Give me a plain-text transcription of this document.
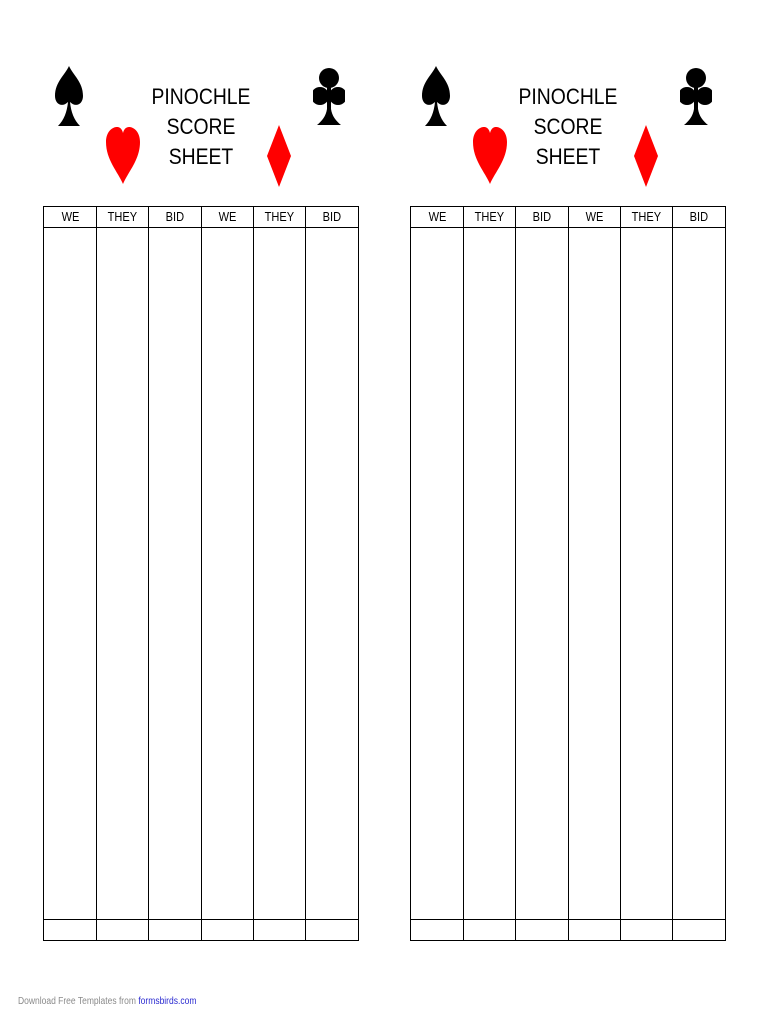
PINOCHLE
SCORE
SHEET
WE	THEY	BID	WE	THEY	BID
PINOCHLE
SCORE
SHEET
WE	THEY	BID	WE	THEY	BID
Download Free Templates from formsbirds.com
